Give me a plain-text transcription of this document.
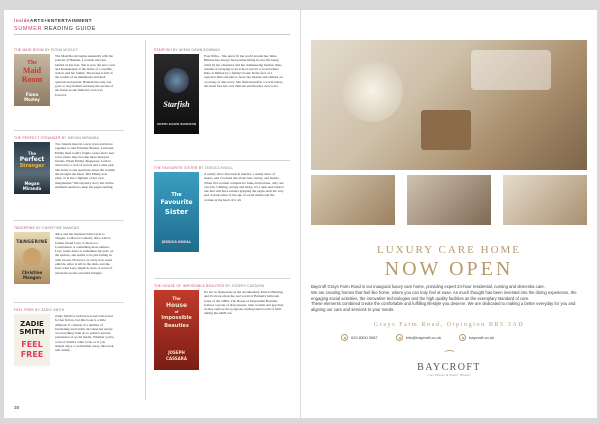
insideARTS+ENTERTAINMENT
SUMMER READING GUIDE
THE MAID ROOM BY FIONA MOZLEY
The
Maid
Room
Fiona
Mozley
The Maid Room begins unusually with the portrait of Hannah, a woman who has landed on her feet. She is now the new cook and housekeeper at the home of a wealthy widow and her family. The house is full of the sounds of its inhabitants and their quarrels and guests; Hannah has only one goal: to stay hidden and keep the secrets of the house as she finds her own way forward.
THE PERFECT STRANGER BY MEGAN MIRANDA
The
Perfect
Stranger
Megan
Miranda
Two friends meet in a new town and move together to start Friendly Boston. Leah and Emmy meet Leah's fragile career and a new town where they become more than just friends. When Emmy disappears, Leah is drawn into a web of secrets and a dark past. She starts to ask questions about the woman she thought she knew. Did Emmy ever exist, or is she a figment of her own imagination? This mystery story has all the elements needed to keep the pages turning.
TANGERINE BY CHRISTINE MANGAN
TANGERINE
Christine
Mangan
Alice and her husband John travel to Tangier, to Morocco shortly after, Alice's former friend Lucy, is there too. Coincidence or something more sinister. Lucy wants Alice to remember the past; on the surface, she seems to be just falling in with excess. However, as every new event unfolds, Alice is left in the dark, and she fears what Lucy might do next. A novel of uncertain secrets and dark intrigue.
FEEL FREE BY ZADIE SMITH
ZADIE
SMITH
FEEL
FREE
Zadie Smith is well known and well-loved for her fiction, but this book is a little different. It consists of a number of fascinating and totally unconnected essays on everything from art to politics and the prevalence of social media. Whether you're a fan of Smith's other work, or if you simply enjoy a wellwritten essay, this book will satisfy.
STARFISH BY AKEMI DAWN BOWMAN
Starfish
AKEMI DAWN BOWMAN
Four fifths... She never fit the world around her. Kiko Himura has always had trouble fitting in, her life being ruled by her obsessive and her domineering mother. Kiko dreams of escaping to art school, but it's a world where Kiko is limited by a family's bond. In the face of a rejection Kiko decides to leave her mother and embark on a journey of discovery. She finds herself in a world where she must face her own demons and find her own voice.
THE FAVOURITE SISTER BY JESSICA KNOLL
The
Favourite
Sister
JESSICA KNOLL
A reality show that ends in murder, a reality show of sisters, and a twisted tale about lust, rivalry, and beauty. When five women compete for fame and fortune, only one can win. Chilling, savage and sharp, it's a dark and twisted tale that will have readers gripping the pages until the very end. A dark satire of the age of social media and the women at the heart of it all.
THE HOUSE OF IMPOSSIBLE BEAUTIES BY JOSEPH CASSARA
The
House
of
Impossible
Beauties
JOSEPH
CASSARA
It's not as mysterious as the documentary Paris is Burning, and it's more about the real world of Harlem's ballroom scene of the 1980s. The House of Impossible Beauties follows a group of drag queens, trans women and gay men as they explore the gorgeous, underground world of balls during the AIDS era.
38
LUXURY CARE HOME
NOW OPEN

Baycroft Grays Farm Road is our inaugural luxury care home, providing expert 24-hour residential, nursing and dementia care.

We are creating homes that feel like home, where you can truly feel at ease. As much thought has been invested into the dining experience, the engaging social activities, the innovative technologies and the high quality facilities as the exemplary standard of care.

These elements combined create the comfortable and fulfilling lifestyle you deserve. We are dedicated to making a better everyday for you and aligning our care and services to your needs.

Grays Farm Road, Orpington BR5 3AD
020 8300 3987	info@baycroft.co.uk	baycroft.co.uk
BAYCROFT
Care Homes & Senior Villages
